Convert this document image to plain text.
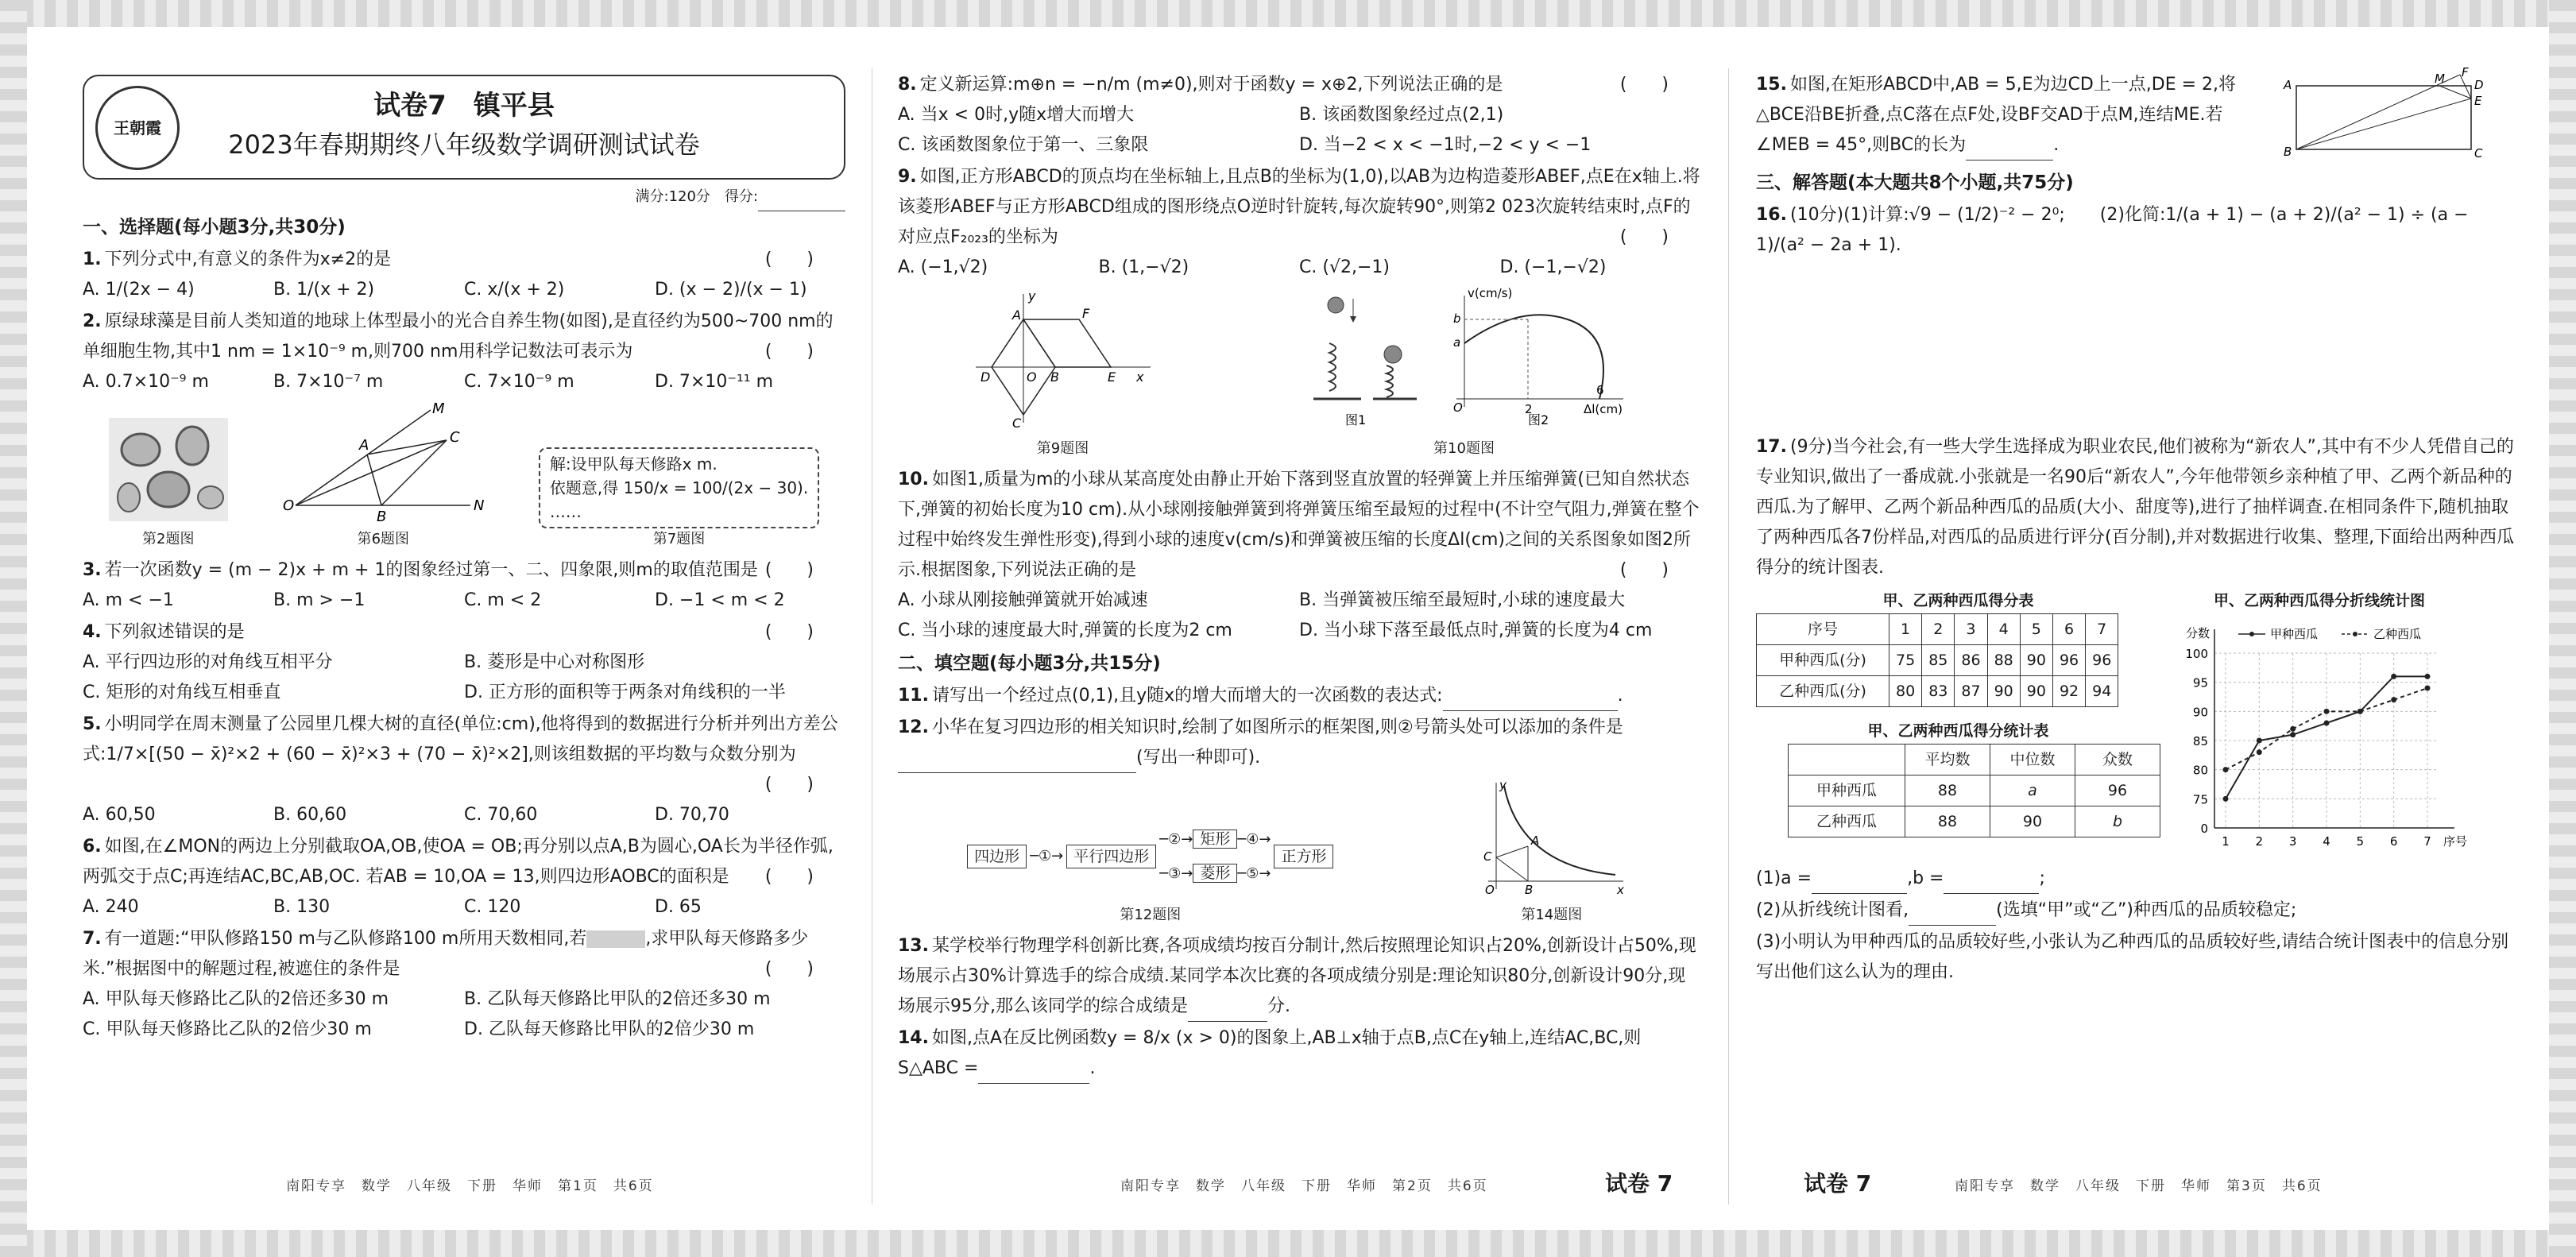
王朝霞
试卷7　镇平县
2023年春期期终八年级数学调研测试试卷
满分:120分　得分:
一、选择题(每小题3分,共30分)
1. 下列分式中,有意义的条件为x≠2的是	(　　)
A. 1/(2x − 4)	B. 1/(x + 2)	C. x/(x + 2)	D. (x − 2)/(x − 1)
2. 原绿球藻是目前人类知道的地球上体型最小的光合自养生物(如图),是直径约为500~700 nm的单细胞生物,其中1 nm = 1×10⁻⁹ m,则700 nm用科学记数法可表示为	(　　)
A. 0.7×10⁻⁹ m	B. 7×10⁻⁷ m	C. 7×10⁻⁹ m	D. 7×10⁻¹¹ m
第2题图
O
A	C
B
M
N
第6题图
解:设甲队每天修路x m.
依题意,得 150/x = 100/(2x − 30).
……
第7题图
3. 若一次函数y = (m − 2)x + m + 1的图象经过第一、二、四象限,则m的取值范围是 (　　)
A. m < −1	B. m > −1	C. m < 2	D. −1 < m < 2
4. 下列叙述错误的是	(　　)
A. 平行四边形的对角线互相平分	B. 菱形是中心对称图形
C. 矩形的对角线互相垂直	D. 正方形的面积等于两条对角线积的一半
5. 小明同学在周末测量了公园里几棵大树的直径(单位:cm),他将得到的数据进行分析并列出方差公式:1/7×[(50 − x̄)²×2 + (60 − x̄)²×3 + (70 − x̄)²×2],则该组数据的平均数与众数分别为
(　　)
A. 60,50	B. 60,60	C. 70,60	D. 70,70
6. 如图,在∠MON的两边上分别截取OA,OB,使OA = OB;再分别以点A,B为圆心,OA长为半径作弧,两弧交于点C;再连结AC,BC,AB,OC. 若AB = 10,OA = 13,则四边形AOBC的面积是 (　　)
A. 240	B. 130	C. 120	D. 65
7. 有一道题:“甲队修路150 m与乙队修路100 m所用天数相同,若	,求甲队每天修路多少米.”根据图中的解题过程,被遮住的条件是	(　　)
A. 甲队每天修路比乙队的2倍还多30 m	B. 乙队每天修路比甲队的2倍还多30 m
C. 甲队每天修路比乙队的2倍少30 m	D. 乙队每天修路比甲队的2倍少30 m
8. 定义新运算:m⊕n = −n/m (m≠0),则对于函数y = x⊕2,下列说法正确的是	(　　)
A. 当x < 0时,y随x增大而增大	B. 该函数图象经过点(2,1)
C. 该函数图象位于第一、三象限	D. 当−2 < x < −1时,−2 < y < −1
9. 如图,正方形ABCD的顶点均在坐标轴上,且点B的坐标为(1,0),以AB为边构造菱形ABEF,点E在x轴上.将该菱形ABEF与正方形ABCD组成的图形绕点O逆时针旋转,每次旋转90°,则第2 023次旋转结束时,点F的对应点F₂₀₂₃的坐标为	(　　)
A. (−1,√2)	B. (1,−√2)	C. (√2,−1)	D. (−1,−√2)
A	F
D	O B	E x
y
C
第9题图
图1
v(cm/s)
Δl(cm)
b
a
O	2
6
图2
第10题图
10. 如图1,质量为m的小球从某高度处由静止开始下落到竖直放置的轻弹簧上并压缩弹簧(已知自然状态下,弹簧的初始长度为10 cm).从小球刚接触弹簧到将弹簧压缩至最短的过程中(不计空气阻力,弹簧在整个过程中始终发生弹性形变),得到小球的速度v(cm/s)和弹簧被压缩的长度Δl(cm)之间的关系图象如图2所示.根据图象,下列说法正确的是	(　　)
A. 小球从刚接触弹簧就开始减速	B. 当弹簧被压缩至最短时,小球的速度最大
C. 当小球的速度最大时,弹簧的长度为2 cm	D. 当小球下落至最低点时,弹簧的长度为4 cm
二、填空题(每小题3分,共15分)
11. 请写出一个经过点(0,1),且y随x的增大而增大的一次函数的表达式:	.
12. 小华在复习四边形的相关知识时,绘制了如图所示的框架图,则②号箭头处可以添加的条件是(写出一种即可).
四边形 ─①→ 平行四边形
─②→ 矩形 ─④→
─③→ 菱形 ─⑤→
正方形
第12题图
A
B
C
O	x
y
第14题图
13. 某学校举行物理学科创新比赛,各项成绩均按百分制计,然后按照理论知识占20%,创新设计占50%,现场展示占30%计算选手的综合成绩.某同学本次比赛的各项成绩分别是:理论知识80分,创新设计90分,现场展示95分,那么该同学的综合成绩是	分.
14. 如图,点A在反比例函数y = 8/x (x > 0)的图象上,AB⊥x轴于点B,点C在y轴上,连结AC,BC,则S△ABC =	.
15. 如图,在矩形ABCD中,AB = 5,E为边CD上一点,DE = 2,将△BCE沿BE折叠,点C落在点F处,设BF交AD于点M,连结ME.若∠MEB = 45°,则BC的长为	.
A	M F
D
E
B	C
三、解答题(本大题共8个小题,共75分)
16. (10分)(1)计算:√9 − (1/2)⁻² − 2⁰;　　(2)化简:1/(a + 1) − (a + 2)/(a² − 1) ÷ (a − 1)/(a² − 2a + 1).
17. (9分)当今社会,有一些大学生选择成为职业农民,他们被称为“新农人”,其中有不少人凭借自己的专业知识,做出了一番成就.小张就是一名90后“新农人”,今年他带领乡亲种植了甲、乙两个新品种的西瓜.为了解甲、乙两个新品种西瓜的品质(大小、甜度等),进行了抽样调查.在相同条件下,随机抽取了两种西瓜各7份样品,对西瓜的品质进行评分(百分制),并对数据进行收集、整理,下面给出两种西瓜得分的统计图表.
甲、乙两种西瓜得分表
序号	1	2	3	4	5	6	7
甲种西瓜(分)	75	85	86	88	90	96	96
乙种西瓜(分)	80	83	87	90	90	92	94
甲、乙两种西瓜得分统计表
	平均数	中位数	众数
甲种西瓜	88	a	96
乙种西瓜	88	90	b
甲、乙两种西瓜得分折线统计图
0
75
80
85
90
95
100
1 2 3 4 5 6 7
分数
序号
甲种西瓜	乙种西瓜
(1)a =	,b =	;
(2)从折线统计图看,	(选填“甲”或“乙”)种西瓜的品质较稳定;
(3)小明认为甲种西瓜的品质较好些,小张认为乙种西瓜的品质较好些,请结合统计图表中的信息分别写出他们这么认为的理由.
南阳专享　数学　八年级　下册　华师　第1页　共6页	南阳专享　数学　八年级　下册　华师　第2页　共6页	试卷 7	试卷 7	南阳专享　数学　八年级　下册　华师　第3页　共6页
